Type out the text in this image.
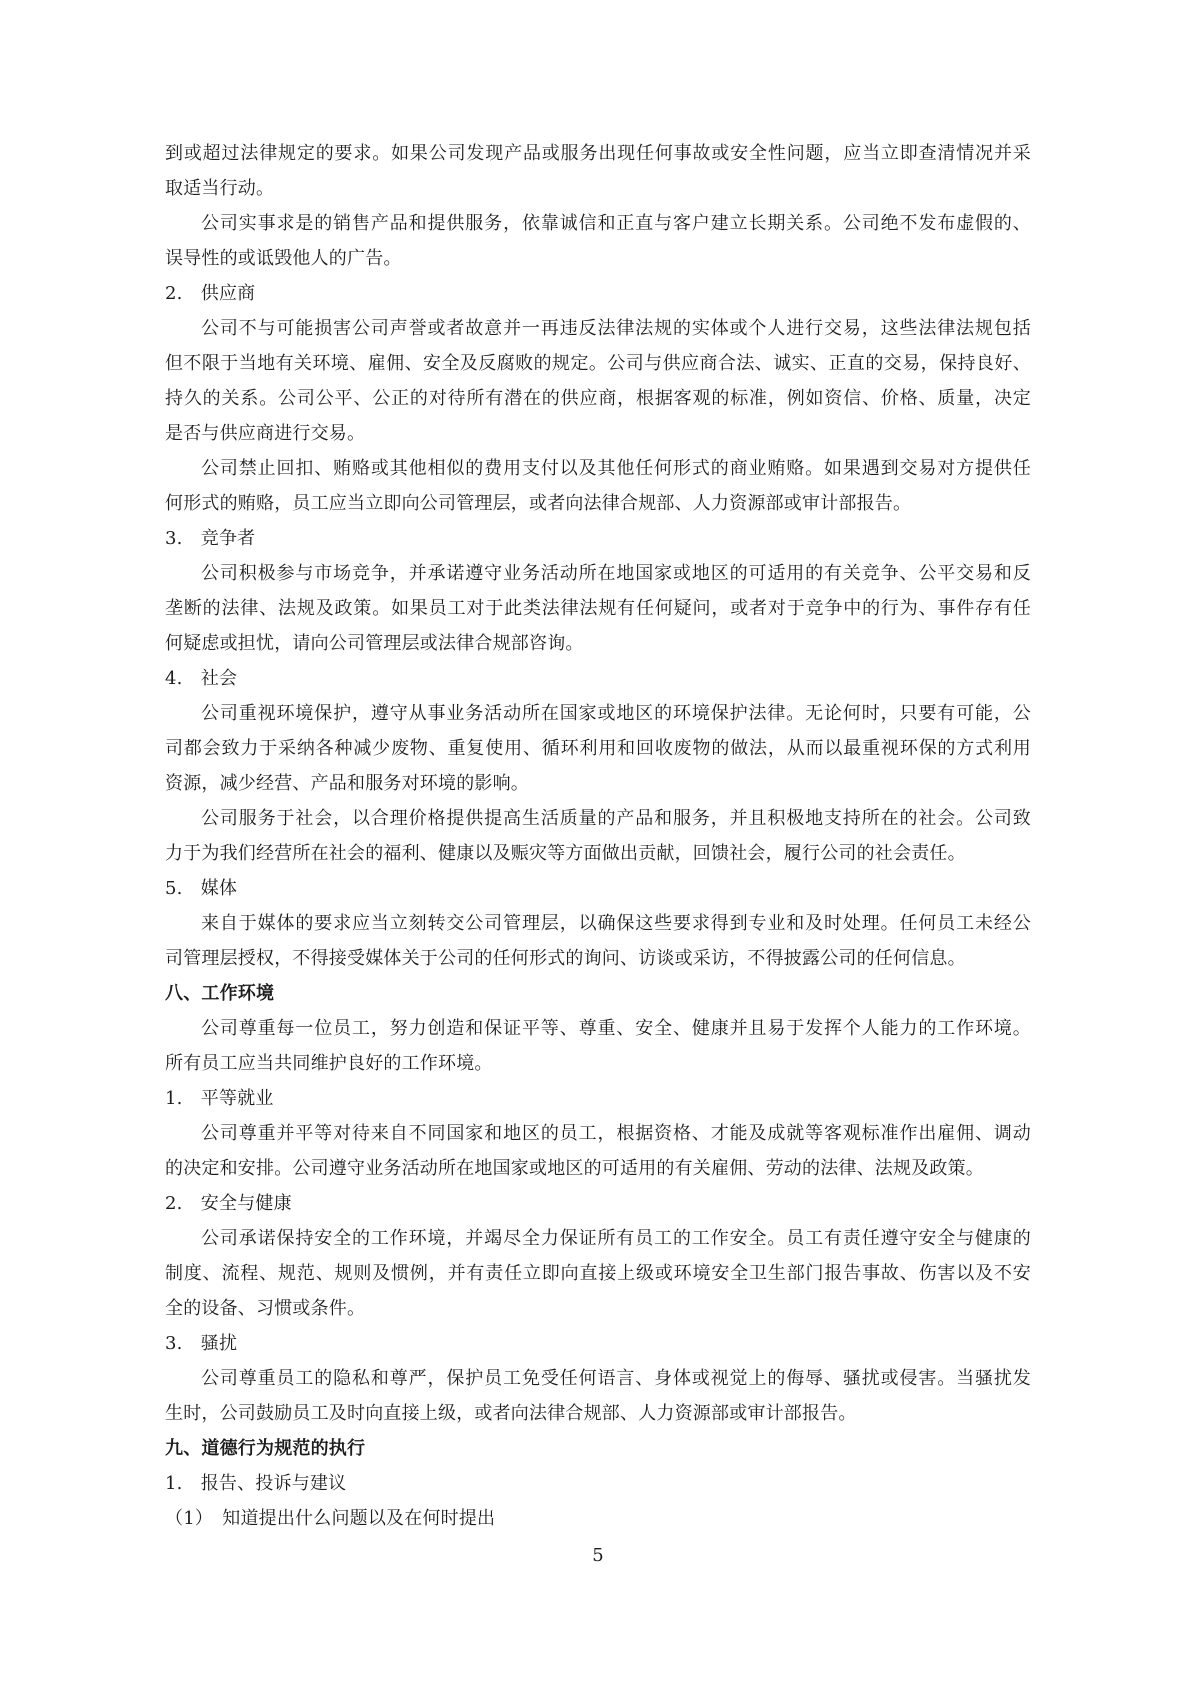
到或超过法律规定的要求。如果公司发现产品或服务出现任何事故或安全性问题，应当立即查清情况并采
取适当行动。
公司实事求是的销售产品和提供服务，依靠诚信和正直与客户建立长期关系。公司绝不发布虚假的、
误导性的或诋毁他人的广告。
2.　供应商
公司不与可能损害公司声誉或者故意并一再违反法律法规的实体或个人进行交易，这些法律法规包括
但不限于当地有关环境、雇佣、安全及反腐败的规定。公司与供应商合法、诚实、正直的交易，保持良好、
持久的关系。公司公平、公正的对待所有潜在的供应商，根据客观的标准，例如资信、价格、质量，决定
是否与供应商进行交易。
公司禁止回扣、贿赂或其他相似的费用支付以及其他任何形式的商业贿赂。如果遇到交易对方提供任
何形式的贿赂，员工应当立即向公司管理层，或者向法律合规部、人力资源部或审计部报告。
3.　竞争者
公司积极参与市场竞争，并承诺遵守业务活动所在地国家或地区的可适用的有关竞争、公平交易和反
垄断的法律、法规及政策。如果员工对于此类法律法规有任何疑问，或者对于竞争中的行为、事件存有任
何疑虑或担忧，请向公司管理层或法律合规部咨询。
4.　社会
公司重视环境保护，遵守从事业务活动所在国家或地区的环境保护法律。无论何时，只要有可能，公
司都会致力于采纳各种减少废物、重复使用、循环利用和回收废物的做法，从而以最重视环保的方式利用
资源，减少经营、产品和服务对环境的影响。
公司服务于社会，以合理价格提供提高生活质量的产品和服务，并且积极地支持所在的社会。公司致
力于为我们经营所在社会的福利、健康以及赈灾等方面做出贡献，回馈社会，履行公司的社会责任。
5.　媒体
来自于媒体的要求应当立刻转交公司管理层，以确保这些要求得到专业和及时处理。任何员工未经公
司管理层授权，不得接受媒体关于公司的任何形式的询问、访谈或采访，不得披露公司的任何信息。
八、工作环境
公司尊重每一位员工，努力创造和保证平等、尊重、安全、健康并且易于发挥个人能力的工作环境。
所有员工应当共同维护良好的工作环境。
1.　平等就业
公司尊重并平等对待来自不同国家和地区的员工，根据资格、才能及成就等客观标准作出雇佣、调动
的决定和安排。公司遵守业务活动所在地国家或地区的可适用的有关雇佣、劳动的法律、法规及政策。
2.　安全与健康
公司承诺保持安全的工作环境，并竭尽全力保证所有员工的工作安全。员工有责任遵守安全与健康的
制度、流程、规范、规则及惯例，并有责任立即向直接上级或环境安全卫生部门报告事故、伤害以及不安
全的设备、习惯或条件。
3.　骚扰
公司尊重员工的隐私和尊严，保护员工免受任何语言、身体或视觉上的侮辱、骚扰或侵害。当骚扰发
生时，公司鼓励员工及时向直接上级，或者向法律合规部、人力资源部或审计部报告。
九、道德行为规范的执行
1.　报告、投诉与建议
（1）　知道提出什么问题以及在何时提出
5
